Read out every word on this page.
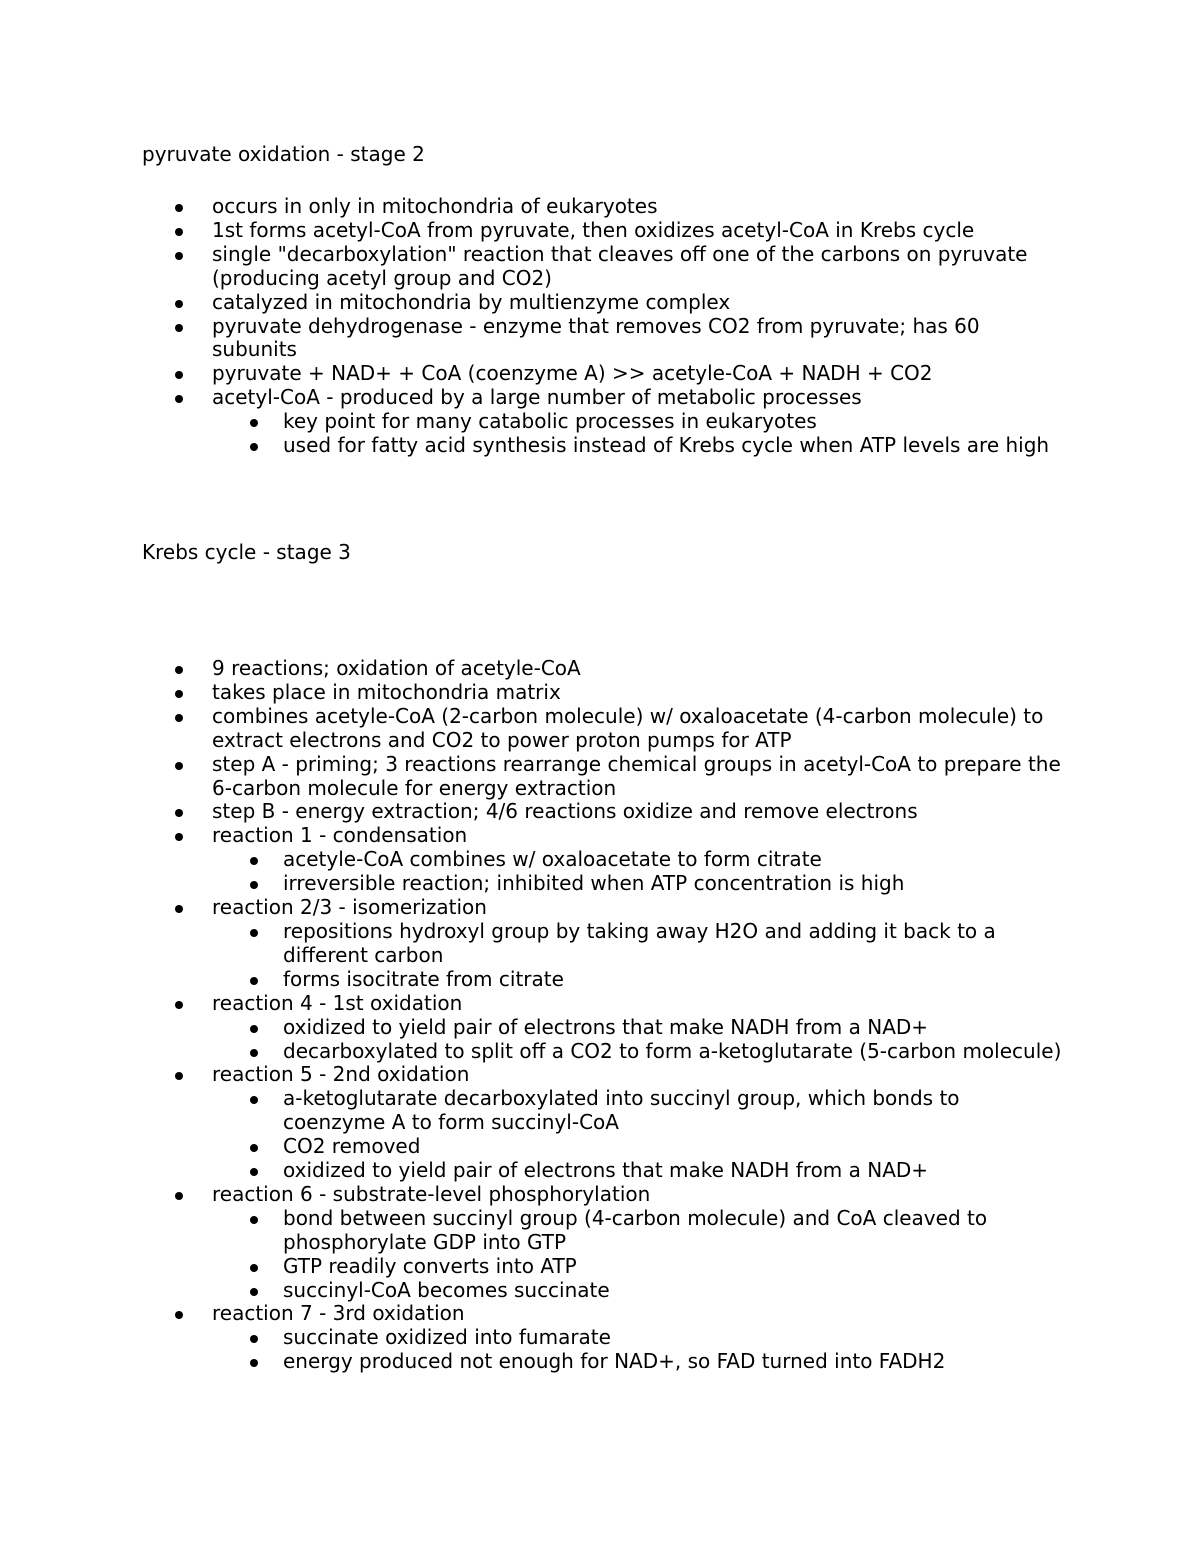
pyruvate oxidation - stage 2
occurs in only in mitochondria of eukaryotes
1st forms acetyl-CoA from pyruvate, then oxidizes acetyl-CoA in Krebs cycle
single "decarboxylation" reaction that cleaves off one of the carbons on pyruvate (producing acetyl group and CO2)
catalyzed in mitochondria by multienzyme complex
pyruvate dehydrogenase - enzyme that removes CO2 from pyruvate; has 60 subunits
pyruvate + NAD+ + CoA (coenzyme A) >> acetyle-CoA + NADH + CO2
acetyl-CoA - produced by a large number of metabolic processes
key point for many catabolic processes in eukaryotes
used for fatty acid synthesis instead of Krebs cycle when ATP levels are high
Krebs cycle - stage 3
9 reactions; oxidation of acetyle-CoA
takes place in mitochondria matrix
combines acetyle-CoA (2-carbon molecule) w/ oxaloacetate (4-carbon molecule) to extract electrons and CO2 to power proton pumps for ATP
step A - priming; 3 reactions rearrange chemical groups in acetyl-CoA to prepare the 6-carbon molecule for energy extraction
step B - energy extraction; 4/6 reactions oxidize and remove electrons
reaction 1 - condensation
acetyle-CoA combines w/ oxaloacetate to form citrate
irreversible reaction; inhibited when ATP concentration is high
reaction 2/3 - isomerization
repositions hydroxyl group by taking away H2O and adding it back to a different carbon
forms isocitrate from citrate
reaction 4 - 1st oxidation
oxidized to yield pair of electrons that make NADH from a NAD+
decarboxylated to split off a CO2 to form a-ketoglutarate (5-carbon molecule)
reaction 5 - 2nd oxidation
a-ketoglutarate decarboxylated into succinyl group, which bonds to coenzyme A to form succinyl-CoA
CO2 removed
oxidized to yield pair of electrons that make NADH from a NAD+
reaction 6 - substrate-level phosphorylation
bond between succinyl group (4-carbon molecule) and CoA cleaved to phosphorylate GDP into GTP
GTP readily converts into ATP
succinyl-CoA becomes succinate
reaction 7 - 3rd oxidation
succinate oxidized into fumarate
energy produced not enough for NAD+, so FAD turned into FADH2
